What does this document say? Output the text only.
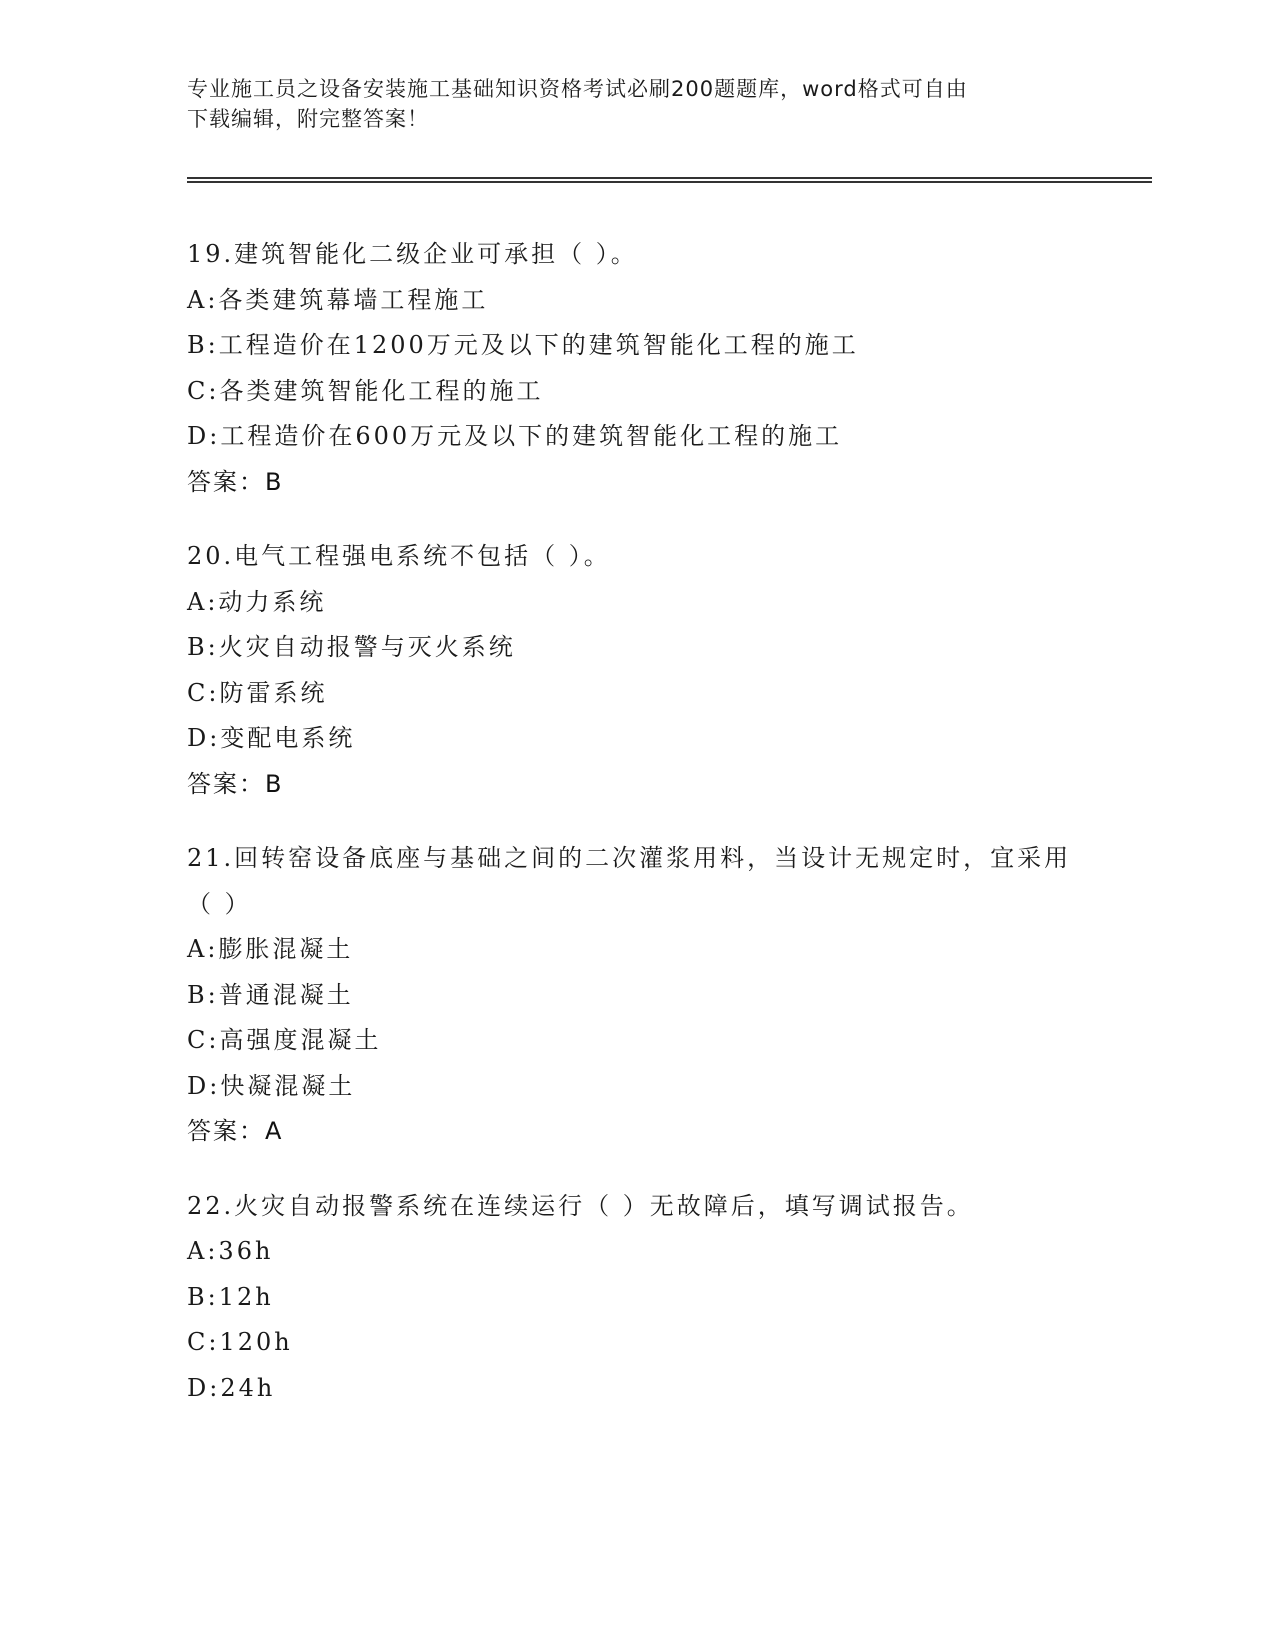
专业施工员之设备安装施工基础知识资格考试必刷200题题库，word格式可自由
下载编辑，附完整答案！
19.建筑智能化二级企业可承担（ ）。
A:各类建筑幕墙工程施工
B:工程造价在1200万元及以下的建筑智能化工程的施工
C:各类建筑智能化工程的施工
D:工程造价在600万元及以下的建筑智能化工程的施工
答案：B
20.电气工程强电系统不包括（ ）。
A:动力系统
B:火灾自动报警与灭火系统
C:防雷系统
D:变配电系统
答案：B
21.回转窑设备底座与基础之间的二次灌浆用料，当设计无规定时，宜采用（ ）
A:膨胀混凝土
B:普通混凝土
C:高强度混凝土
D:快凝混凝土
答案：A
22.火灾自动报警系统在连续运行（ ）无故障后，填写调试报告。
A:36h
B:12h
C:120h
D:24h
